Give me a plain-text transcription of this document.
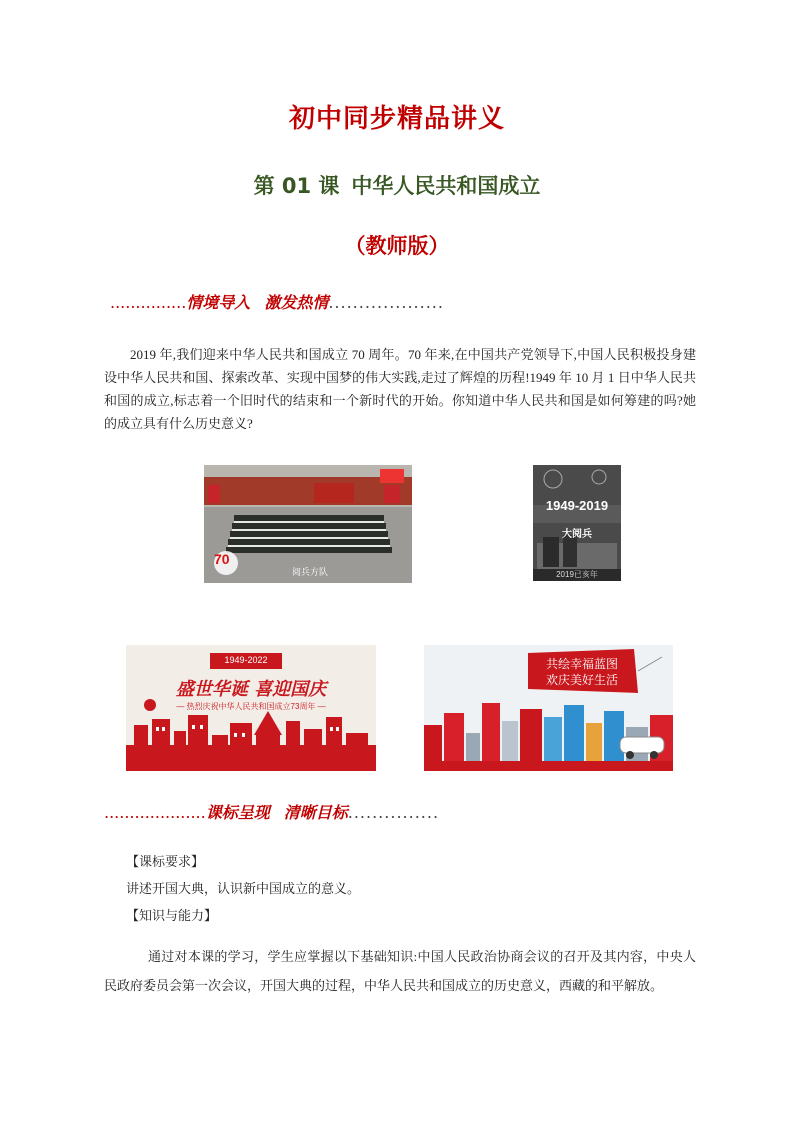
初中同步精品讲义
第 01 课 中华人民共和国成立
（教师版）
...............情境导入 激发热情...................
2019 年,我们迎来中华人民共和国成立 70 周年。70 年来,在中国共产党领导下,中国人民积极投身建设中华人民共和国、探索改革、实现中国梦的伟大实践,走过了辉煌的历程!1949 年 10 月 1 日中华人民共和国的成立,标志着一个旧时代的结束和一个新时代的开始。你知道中华人民共和国是如何筹建的吗?她的成立具有什么历史意义?
70
阅兵方队
1949-2019
大阅兵
2019已亥年
1949-2022
盛世华诞 喜迎国庆
— 热烈庆祝中华人民共和国成立73周年 —
共绘幸福蓝图
欢庆美好生活
....................课标呈现 清晰目标...............
【课标要求】
讲述开国大典，认识新中国成立的意义。
【知识与能力】
通过对本课的学习，学生应掌握以下基础知识:中国人民政治协商会议的召开及其内容，中央人民政府委员会第一次会议，开国大典的过程，中华人民共和国成立的历史意义，西藏的和平解放。
